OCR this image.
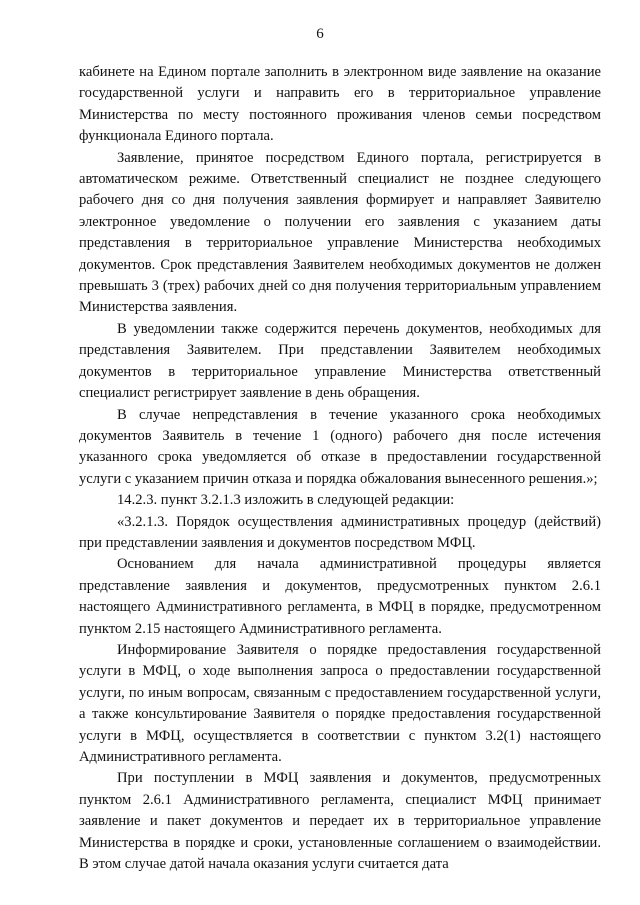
6

кабинете на Едином портале заполнить в электронном виде заявление на оказание государственной услуги и направить его в территориальное управление Министерства по месту постоянного проживания членов семьи посредством функционала Единого портала.

Заявление, принятое посредством Единого портала, регистрируется в автоматическом режиме. Ответственный специалист не позднее следующего рабочего дня со дня получения заявления формирует и направляет Заявителю электронное уведомление о получении его заявления с указанием даты представления в территориальное управление Министерства необходимых документов. Срок представления Заявителем необходимых документов не должен превышать 3 (трех) рабочих дней со дня получения территориальным управлением Министерства заявления.

В уведомлении также содержится перечень документов, необходимых для представления Заявителем. При представлении Заявителем необходимых документов в территориальное управление Министерства ответственный специалист регистрирует заявление в день обращения.

В случае непредставления в течение указанного срока необходимых документов Заявитель в течение 1 (одного) рабочего дня после истечения указанного срока уведомляется об отказе в предоставлении государственной услуги с указанием причин отказа и порядка обжалования вынесенного решения.»;

14.2.3. пункт 3.2.1.3 изложить в следующей редакции:

«3.2.1.3. Порядок осуществления административных процедур (действий) при представлении заявления и документов посредством МФЦ.

Основанием для начала административной процедуры является представление заявления и документов, предусмотренных пунктом 2.6.1 настоящего Административного регламента, в МФЦ в порядке, предусмотренном пунктом 2.15 настоящего Административного регламента.

Информирование Заявителя о порядке предоставления государственной услуги в МФЦ, о ходе выполнения запроса о предоставлении государственной услуги, по иным вопросам, связанным с предоставлением государственной услуги, а также консультирование Заявителя о порядке предоставления государственной услуги в МФЦ, осуществляется в соответствии с пунктом 3.2(1) настоящего Административного регламента.

При поступлении в МФЦ заявления и документов, предусмотренных пунктом 2.6.1 Административного регламента, специалист МФЦ принимает заявление и пакет документов и передает их в территориальное управление Министерства в порядке и сроки, установленные соглашением о взаимодействии. В этом случае датой начала оказания услуги считается дата
